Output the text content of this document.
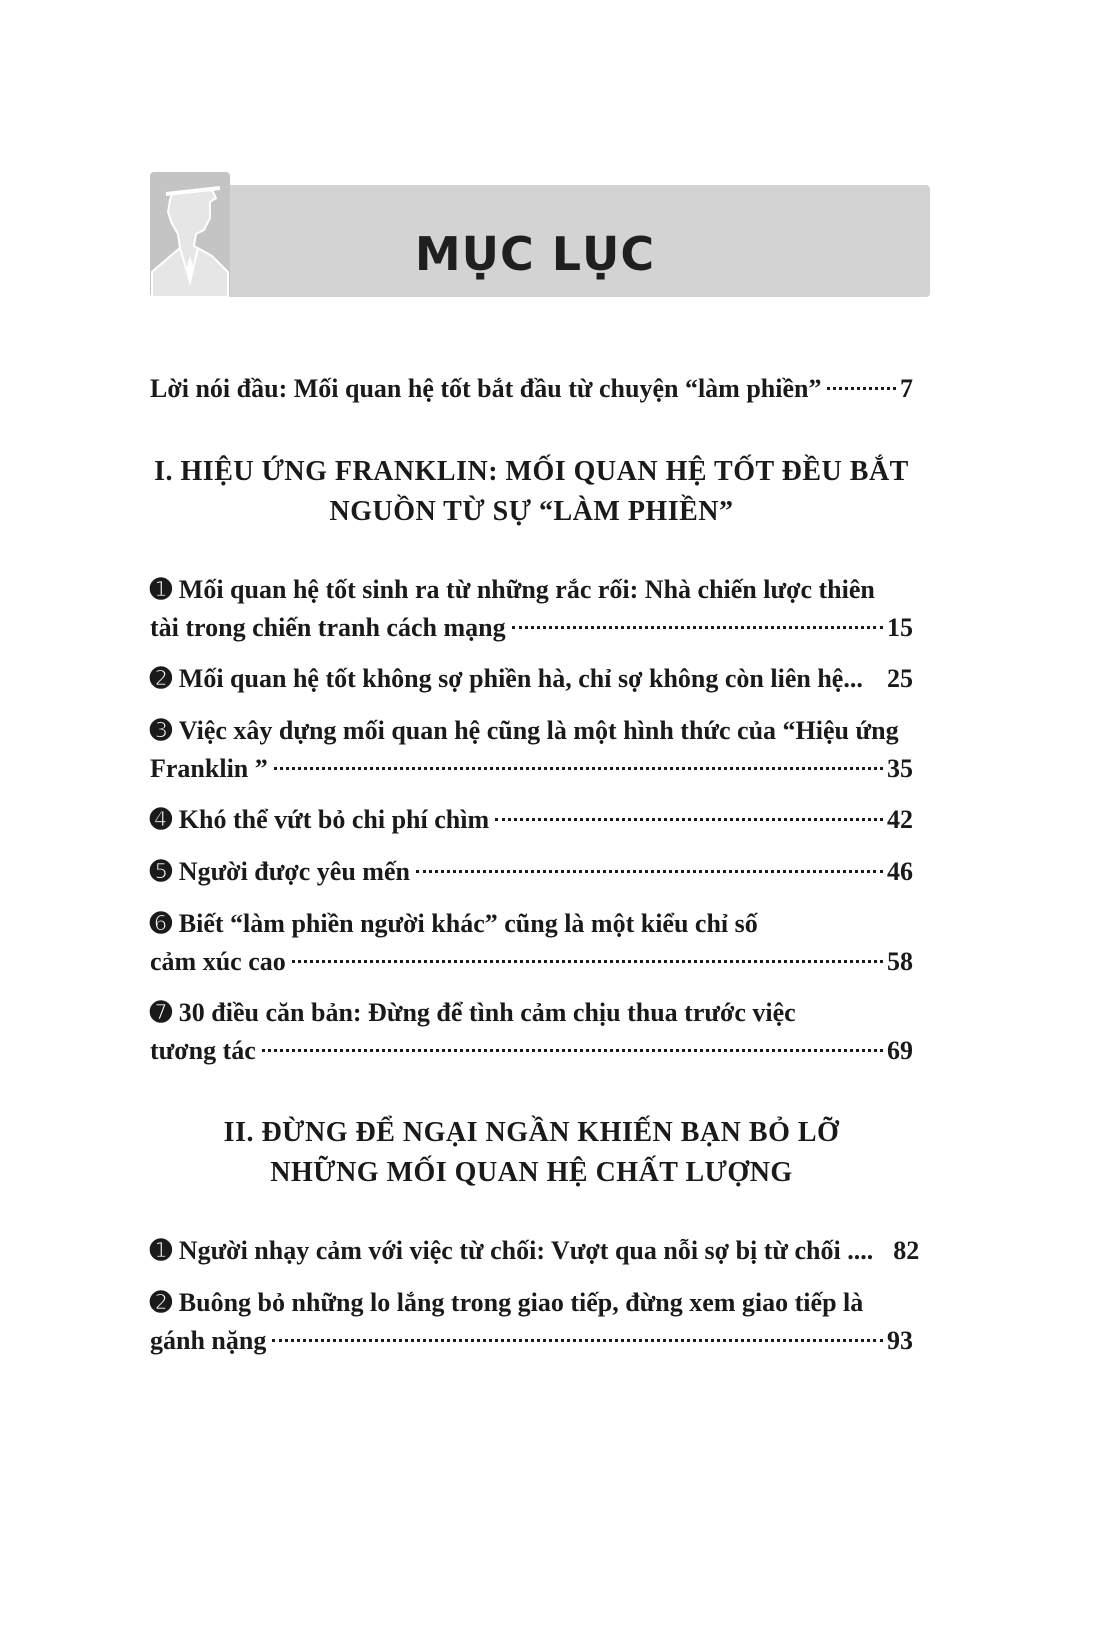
MỤC LỤC
Lời nói đầu: Mối quan hệ tốt bắt đầu từ chuyện “làm phiền”	7
I. HIỆU ỨNG FRANKLIN: MỐI QUAN HỆ TỐT ĐỀU BẮT
NGUỒN TỪ SỰ “LÀM PHIỀN”
➊ Mối quan hệ tốt sinh ra từ những rắc rối: Nhà chiến lược thiên
tài trong chiến tranh cách mạng	15
➋ Mối quan hệ tốt không sợ phiền hà, chỉ sợ không còn liên hệ... 25
➌ Việc xây dựng mối quan hệ cũng là một hình thức của “Hiệu ứng
Franklin ”	35
➍ Khó thể vứt bỏ chi phí chìm	42
➎ Người được yêu mến	46
➏ Biết “làm phiền người khác” cũng là một kiểu chỉ số
cảm xúc cao	58
➐ 30 điều căn bản: Đừng để tình cảm chịu thua trước việc
tương tác	69
II. ĐỪNG ĐỂ NGẠI NGẦN KHIẾN BẠN BỎ LỠ
NHỮNG MỐI QUAN HỆ CHẤT LƯỢNG
➊ Người nhạy cảm với việc từ chối: Vượt qua nỗi sợ bị từ chối .... 82
➋ Buông bỏ những lo lắng trong giao tiếp, đừng xem giao tiếp là
gánh nặng	93
